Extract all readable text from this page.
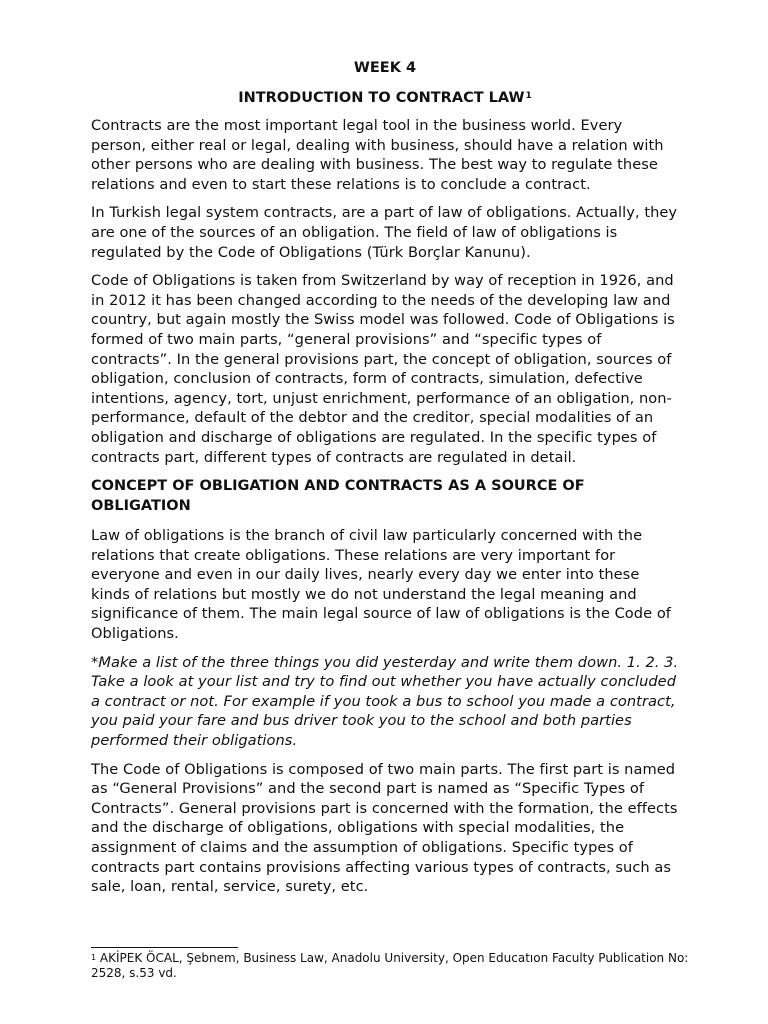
WEEK 4
INTRODUCTION TO CONTRACT LAW$^1$

Contracts are the most important legal tool in the business world. Every person, either real or legal, dealing with business, should have a relation with other persons who are dealing with business. The best way to regulate these relations and even to start these relations is to conclude a contract.

In Turkish legal system contracts, are a part of law of obligations. Actually, they are one of the sources of an obligation. The field of law of obligations is regulated by the Code of Obligations (Türk Borçlar Kanunu).

Code of Obligations is taken from Switzerland by way of reception in 1926, and in 2012 it has been changed according to the needs of the developing law and country, but again mostly the Swiss model was followed. Code of Obligations is formed of two main parts, “general provisions” and “specific types of contracts”. In the general provisions part, the concept of obligation, sources of obligation, conclusion of contracts, form of contracts, simulation, defective intentions, agency, tort, unjust enrichment, performance of an obligation, non-performance, default of the debtor and the creditor, special modalities of an obligation and discharge of obligations are regulated. In the specific types of contracts part, different types of contracts are regulated in detail.

CONCEPT OF OBLIGATION AND CONTRACTS AS A SOURCE OF OBLIGATION

Law of obligations is the branch of civil law particularly concerned with the relations that create obligations. These relations are very important for everyone and even in our daily lives, nearly every day we enter into these kinds of relations but mostly we do not understand the legal meaning and significance of them. The main legal source of law of obligations is the Code of Obligations.

*Make a list of the three things you did yesterday and write them down. 1. 2. 3. Take a look at your list and try to find out whether you have actually concluded a contract or not. For example if you took a bus to school you made a contract, you paid your fare and bus driver took you to the school and both parties performed their obligations.

The Code of Obligations is composed of two main parts. The first part is named as “General Provisions” and the second part is named as “Specific Types of Contracts”. General provisions part is concerned with the formation, the effects and the discharge of obligations, obligations with special modalities, the assignment of claims and the assumption of obligations. Specific types of contracts part contains provisions affecting various types of contracts, such as sale, loan, rental, service, surety, etc.

$^1$ AKİPEK ÖCAL, Şebnem, Business Law, Anadolu University, Open Educatıon Faculty Publication No: 2528, s.53 vd.
